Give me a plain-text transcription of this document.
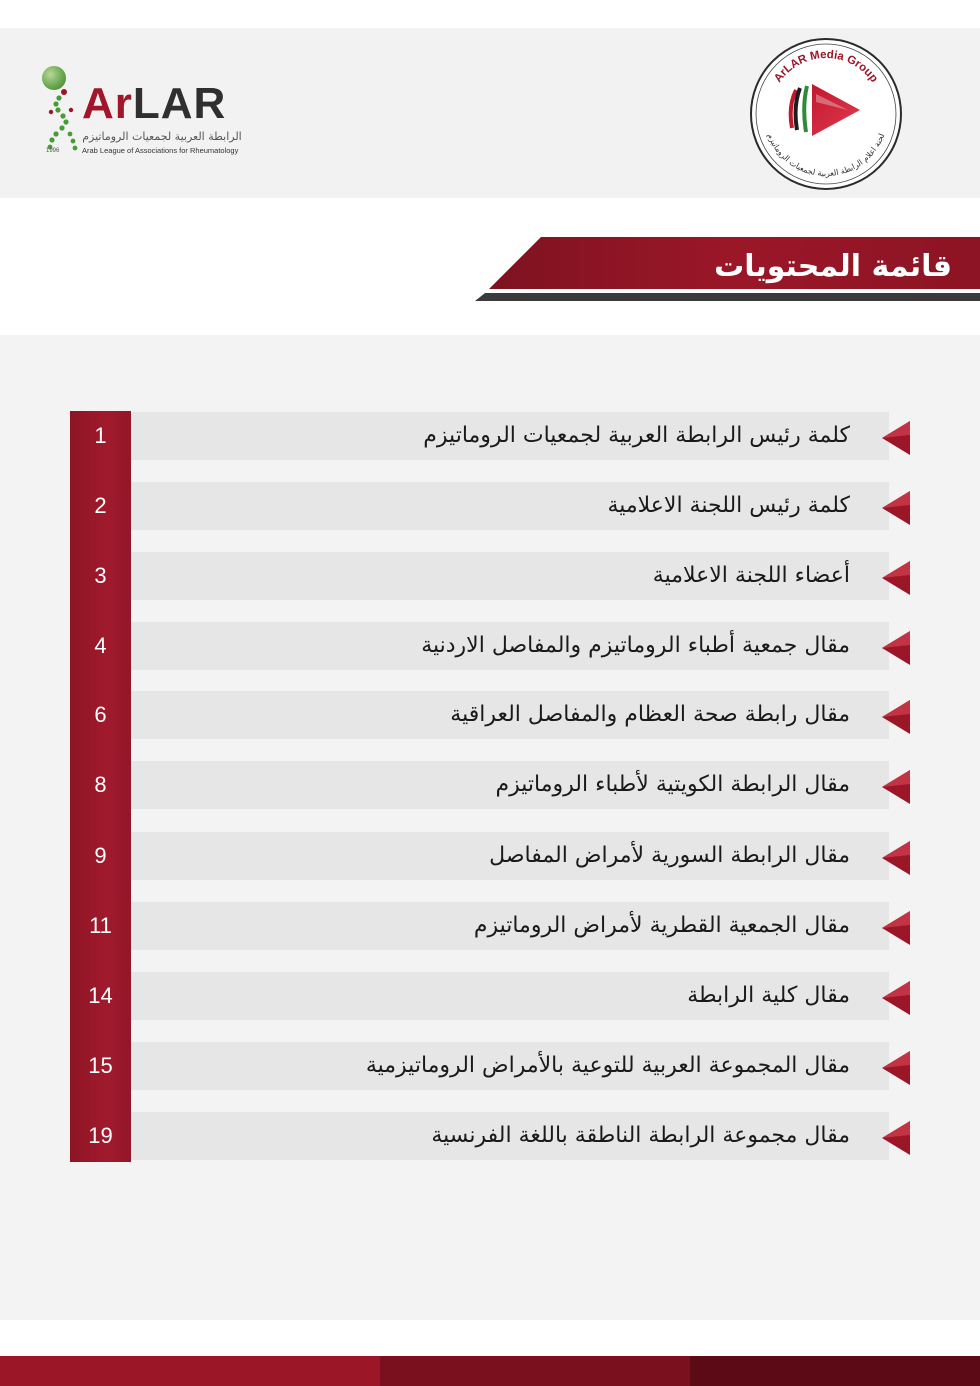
ArLAR
الرابطة العربية لجمعيات الروماتيزم
Arab League of Associations for Rheumatology
1996
ArLAR Media Group
لجنة اعلام الرابطة العربية لجمعيات الروماتيزم
قائمة المحتويات
كلمة رئيس الرابطة العربية لجمعيات الروماتيزم
1
كلمة رئيس اللجنة الاعلامية
2
أعضاء اللجنة الاعلامية
3
مقال جمعية أطباء الروماتيزم والمفاصل الاردنية
4
مقال رابطة صحة العظام والمفاصل العراقية
6
مقال الرابطة الكويتية لأطباء الروماتيزم
8
مقال الرابطة السورية لأمراض المفاصل
9
مقال الجمعية القطرية لأمراض الروماتيزم
11
مقال كلية الرابطة
14
مقال المجموعة العربية للتوعية بالأمراض الروماتيزمية
15
مقال مجموعة الرابطة الناطقة باللغة الفرنسية
19
